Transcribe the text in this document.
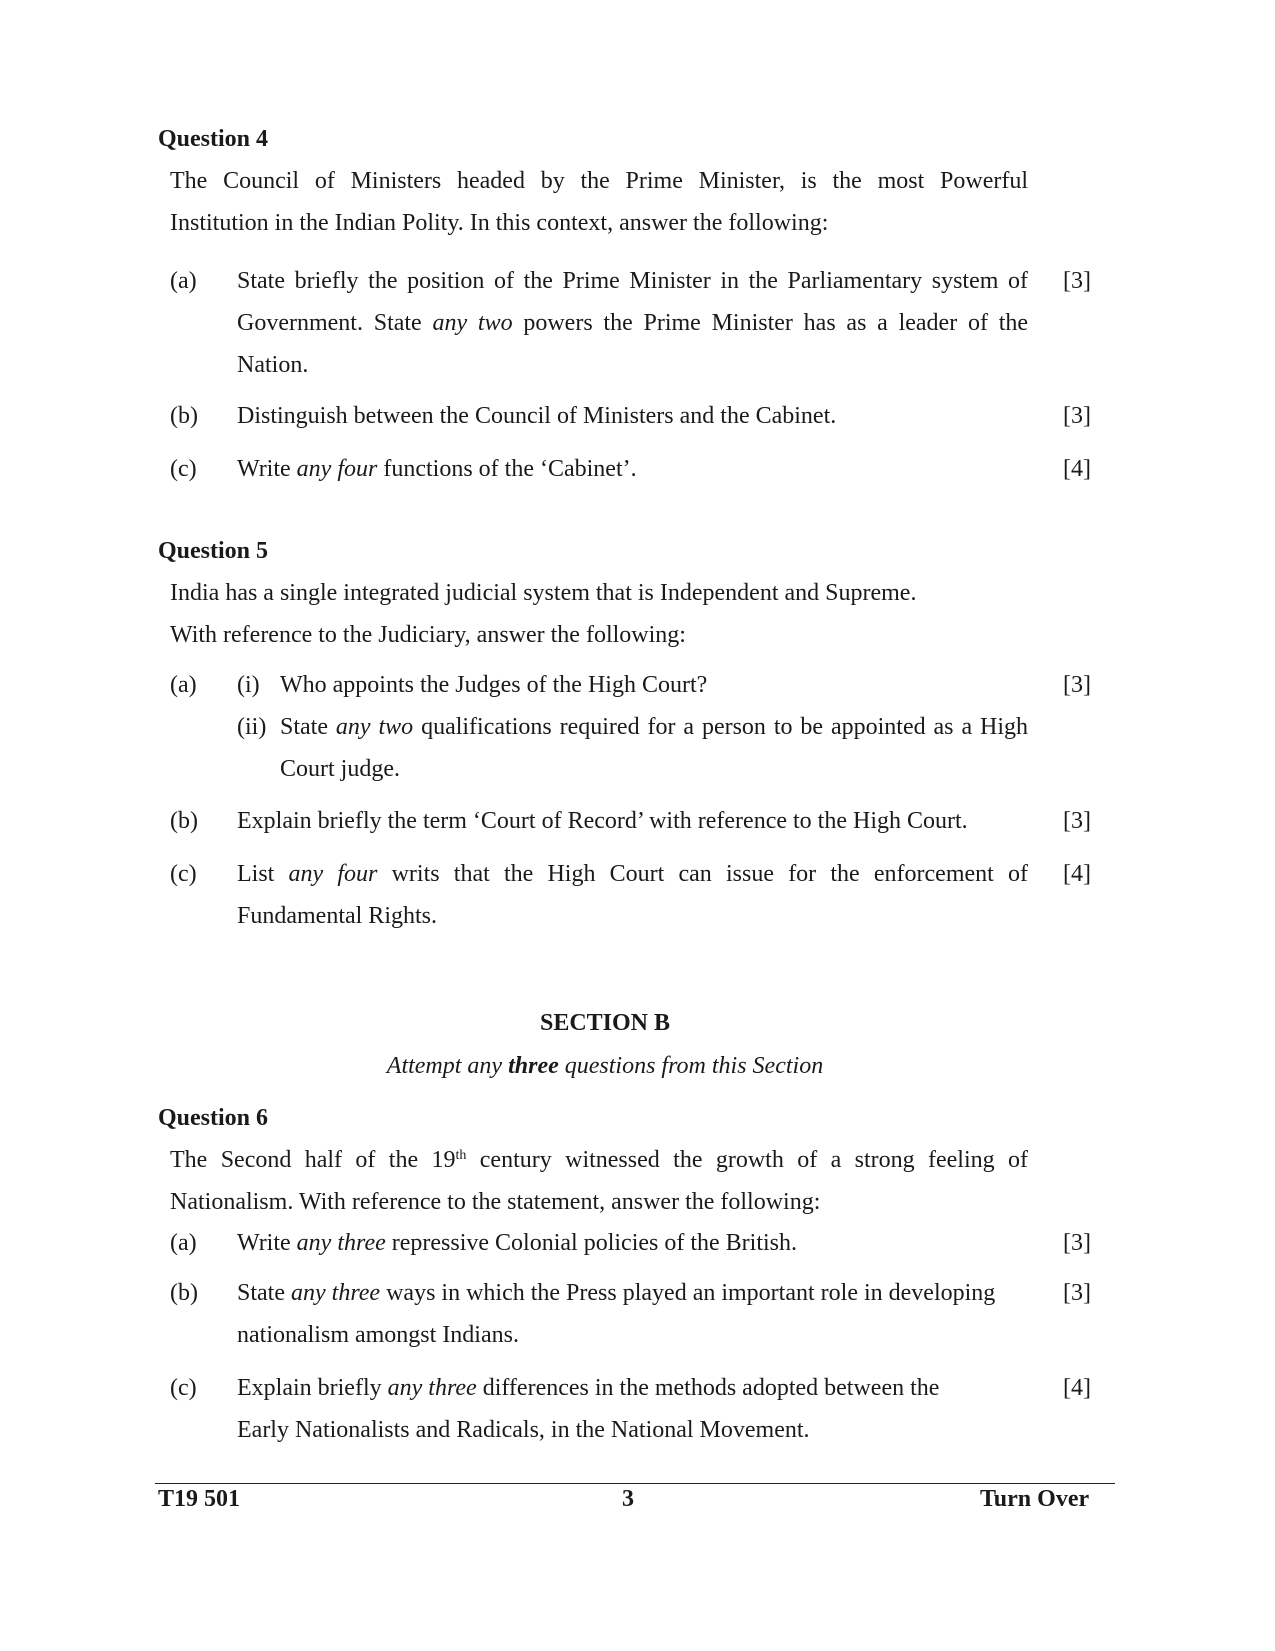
Question 4
The Council of Ministers headed by the Prime Minister, is the most Powerful
Institution in the Indian Polity. In this context, answer the following:
(a) State briefly the position of the Prime Minister in the Parliamentary system of
Government. State any two powers the Prime Minister has as a leader of the
Nation.
[3]
(b) Distinguish between the Council of Ministers and the Cabinet.	[3]
(c) Write any four functions of the ‘Cabinet’.	[4]
Question 5
India has a single integrated judicial system that is Independent and Supreme.
With reference to the Judiciary, answer the following:
(a) (i) Who appoints the Judges of the High Court?	[3]
(ii) State any two qualifications required for a person to be appointed as a High
Court judge.
(b) Explain briefly the term ‘Court of Record’ with reference to the High Court.	[3]
(c) List any four writs that the High Court can issue for the enforcement of
Fundamental Rights.
[4]
SECTION B
Attempt any three questions from this Section
Question 6
The Second half of the 19th century witnessed the growth of a strong feeling of
Nationalism. With reference to the statement, answer the following:
(a) Write any three repressive Colonial policies of the British.	[3]
(b) State any three ways in which the Press played an important role in developing
nationalism amongst Indians.
[3]
(c) Explain briefly any three differences in the methods adopted between the
Early Nationalists and Radicals, in the National Movement.
[4]
T19 501	3	Turn Over
